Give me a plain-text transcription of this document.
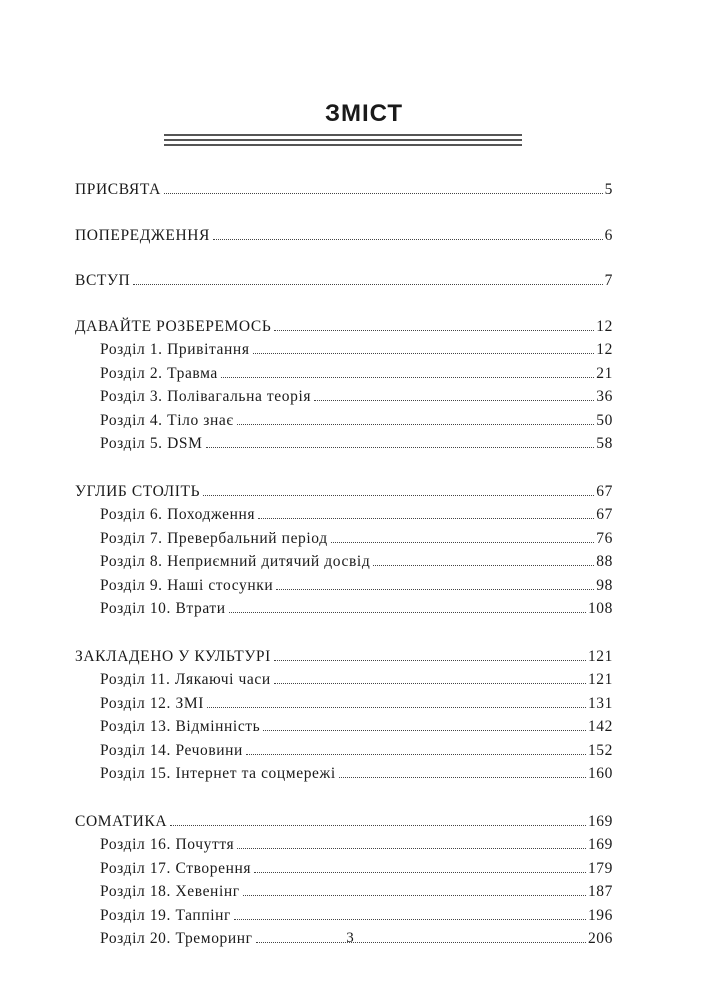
ЗМІСТ
ПРИСВЯТА	5
ПОПЕРЕДЖЕННЯ	6
ВСТУП	7
ДАВАЙТЕ РОЗБЕРЕМОСЬ	12
Розділ 1. Привітання	12
Розділ 2. Травма	21
Розділ 3. Полівагальна теорія	36
Розділ 4. Тіло знає	50
Розділ 5. DSM	58
УГЛИБ СТОЛІТЬ	67
Розділ 6. Походження	67
Розділ 7. Превербальний період	76
Розділ 8. Неприємний дитячий досвід	88
Розділ 9. Наші стосунки	98
Розділ 10. Втрати	108
ЗАКЛАДЕНО У КУЛЬТУРІ	121
Розділ 11. Лякаючі часи	121
Розділ 12. ЗМІ	131
Розділ 13. Відмінність	142
Розділ 14. Речовини	152
Розділ 15. Інтернет та соцмережі	160
СОМАТИКА	169
Розділ 16. Почуття	169
Розділ 17. Створення	179
Розділ 18. Хевенінг	187
Розділ 19. Таппінг	196
Розділ 20. Треморинг	206
3
